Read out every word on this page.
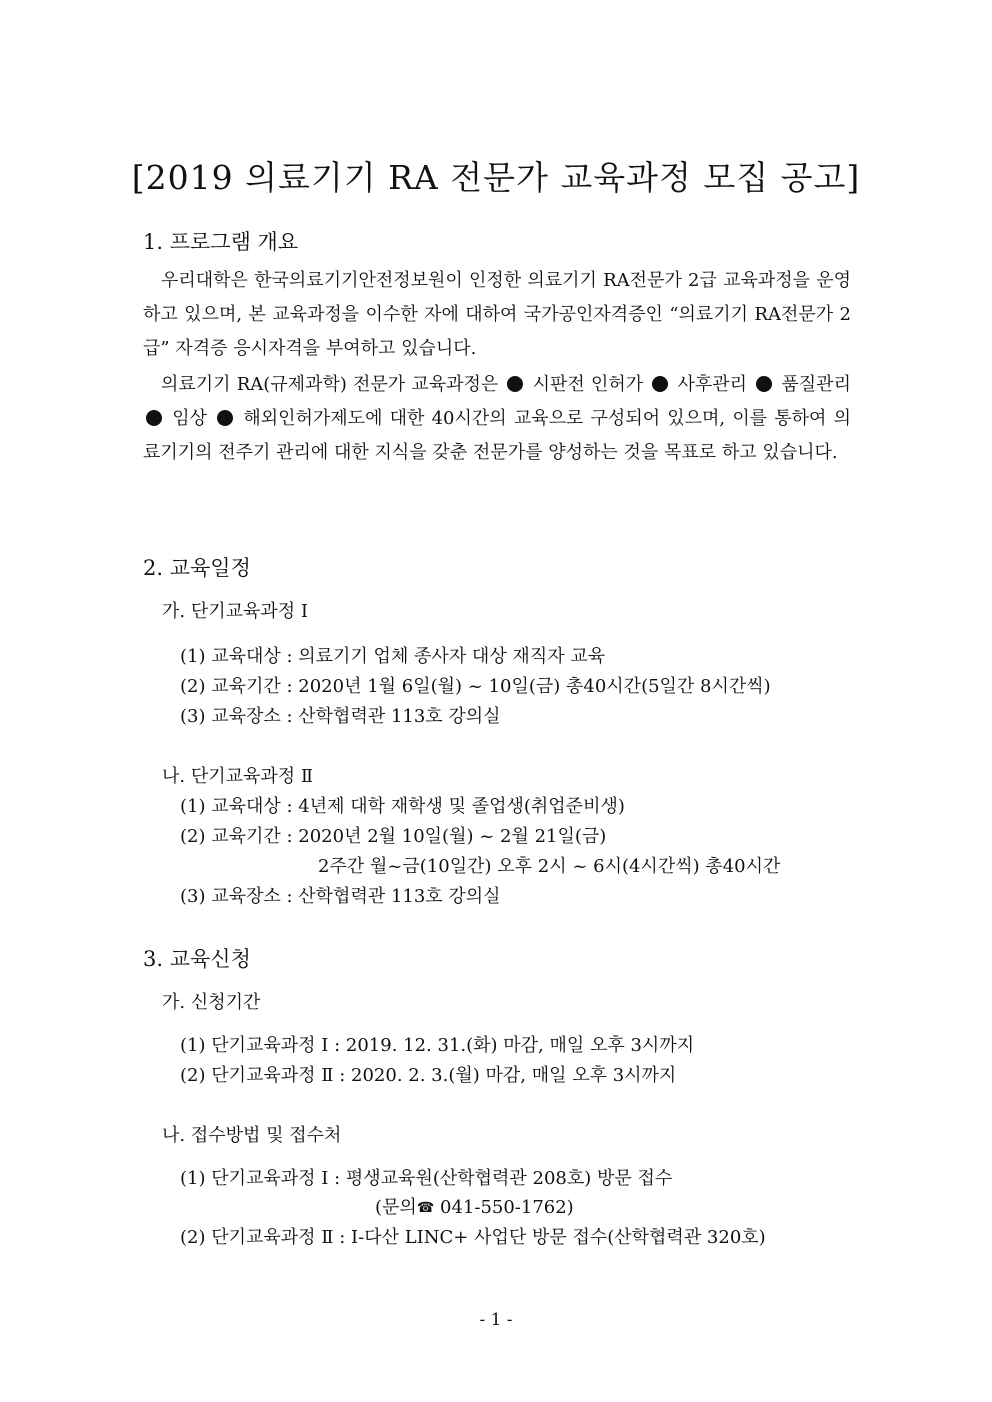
[2019 의료기기 RA 전문가 교육과정 모집 공고]
1. 프로그램 개요
우리대학은 한국의료기기안전정보원이 인정한 의료기기 RA전문가 2급 교육과정을 운영하고 있으며, 본 교육과정을 이수한 자에 대하여 국가공인자격증인 “의료기기 RA전문가 2급” 자격증 응시자격을 부여하고 있습니다.
의료기기 RA(규제과학) 전문가 교육과정은 시판전 인허가 사후관리 품질관리  임상 해외인허가제도에 대한 40시간의 교육으로 구성되어 있으며, 이를 통하여 의료기기의 전주기 관리에 대한 지식을 갖춘 전문가를 양성하는 것을 목표로 하고 있습니다.
2. 교육일정
가. 단기교육과정 Ⅰ
(1) 교육대상 : 의료기기 업체 종사자 대상 재직자 교육
(2) 교육기간 : 2020년 1월 6일(월) ~ 10일(금) 총40시간(5일간 8시간씩)
(3) 교육장소 : 산학협력관 113호 강의실
나. 단기교육과정 Ⅱ
(1) 교육대상 : 4년제 대학 재학생 및 졸업생(취업준비생)
(2) 교육기간 : 2020년 2월 10일(월) ~ 2월 21일(금)
2주간 월~금(10일간) 오후 2시 ~ 6시(4시간씩) 총40시간
(3) 교육장소 : 산학협력관 113호 강의실
3. 교육신청
가. 신청기간
(1) 단기교육과정 Ⅰ : 2019. 12. 31.(화) 마감, 매일 오후 3시까지
(2) 단기교육과정 Ⅱ : 2020. 2. 3.(월) 마감, 매일 오후 3시까지
나. 접수방법 및 접수처
(1) 단기교육과정 Ⅰ : 평생교육원(산학협력관 208호) 방문 접수
(문의☎ 041-550-1762)
(2) 단기교육과정 Ⅱ : I-다산 LINC+ 사업단 방문 접수(산학협력관 320호)
- 1 -
